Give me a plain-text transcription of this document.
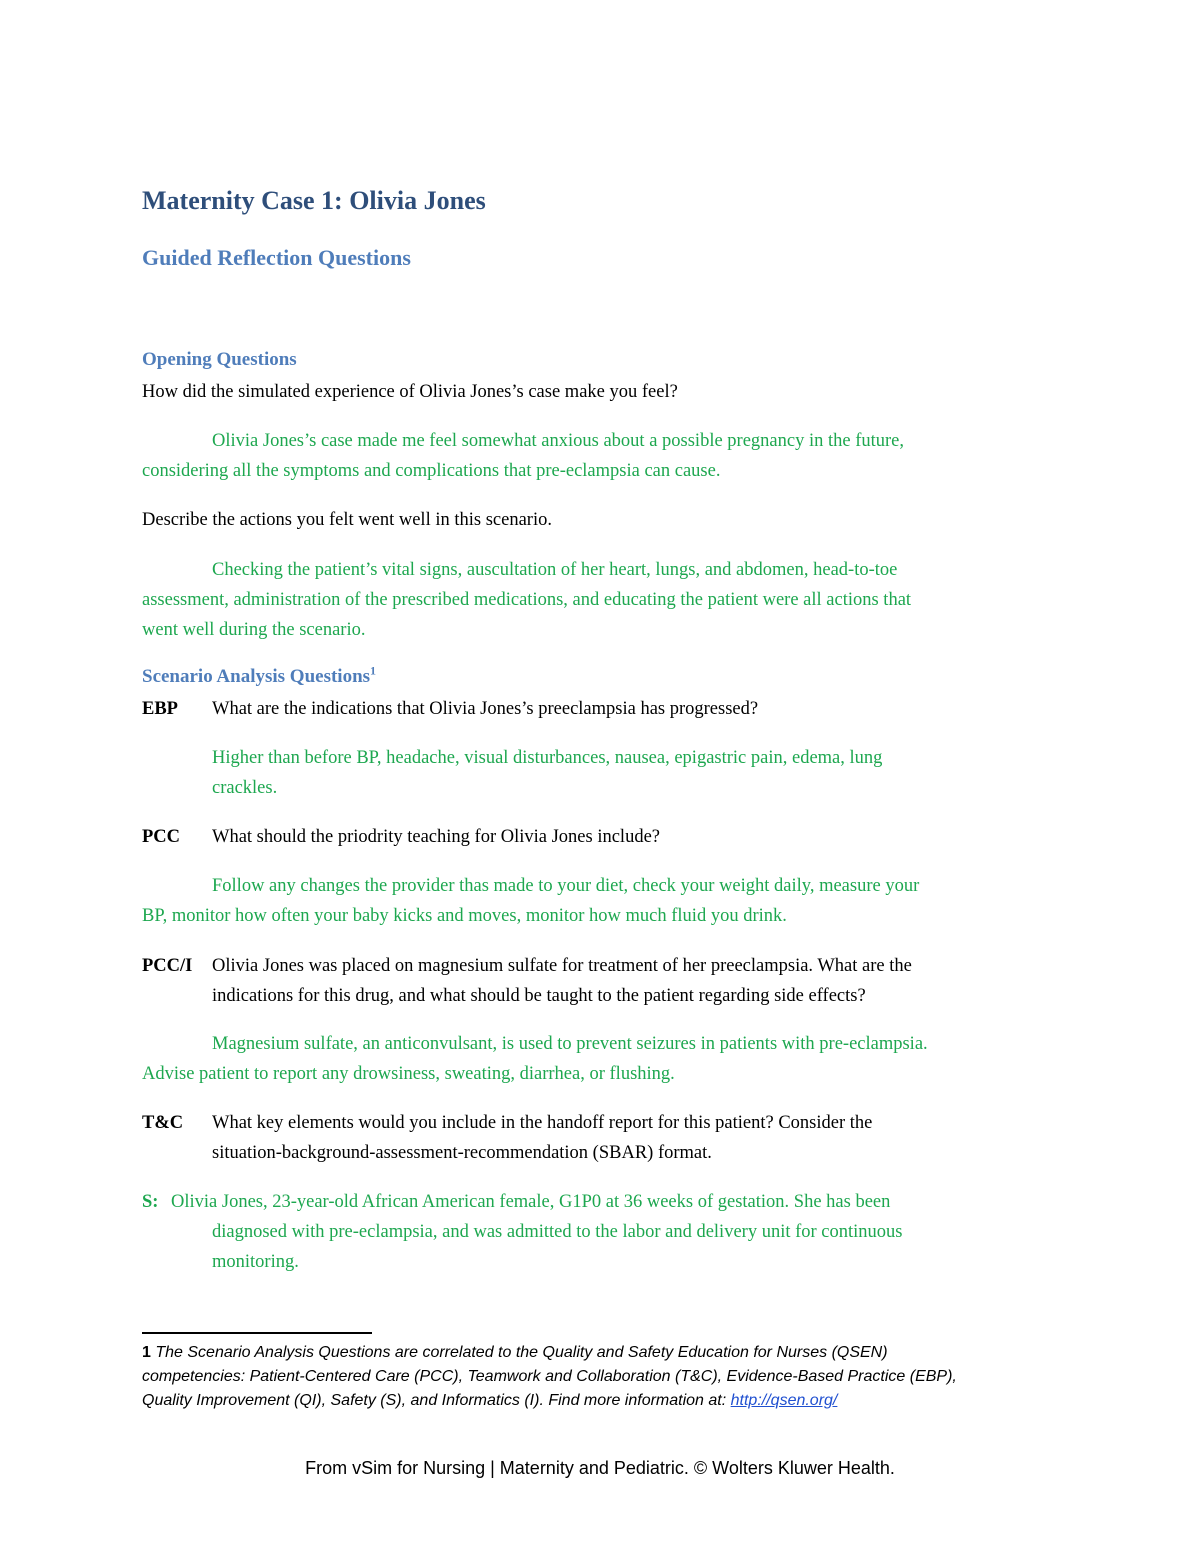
Maternity Case 1: Olivia Jones
Guided Reflection Questions
Opening Questions
How did the simulated experience of Olivia Jones’s case make you feel?
Olivia Jones’s case made me feel somewhat anxious about a possible pregnancy in the future,
considering all the symptoms and complications that pre-eclampsia can cause.
Describe the actions you felt went well in this scenario.
Checking the patient’s vital signs, auscultation of her heart, lungs, and abdomen, head-to-toe
assessment, administration of the prescribed medications, and educating the patient were all actions that
went well during the scenario.
Scenario Analysis Questions$^1$
EBP What are the indications that Olivia Jones’s preeclampsia has progressed?
Higher than before BP, headache, visual disturbances, nausea, epigastric pain, edema, lung
crackles.
PCC What should the priodrity teaching for Olivia Jones include?
Follow any changes the provider thas made to your diet, check your weight daily, measure your
BP, monitor how often your baby kicks and moves, monitor how much fluid you drink.
PCC/I Olivia Jones was placed on magnesium sulfate for treatment of her preeclampsia. What are the
indications for this drug, and what should be taught to the patient regarding side effects?
Magnesium sulfate, an anticonvulsant, is used to prevent seizures in patients with pre-eclampsia.
Advise patient to report any drowsiness, sweating, diarrhea, or flushing.
T&C What key elements would you include in the handoff report for this patient? Consider the
situation-background-assessment-recommendation (SBAR) format.
S: Olivia Jones, 23-year-old African American female, G1P0 at 36 weeks of gestation. She has been
diagnosed with pre-eclampsia, and was admitted to the labor and delivery unit for continuous
monitoring.
1 The Scenario Analysis Questions are correlated to the Quality and Safety Education for Nurses (QSEN)
competencies: Patient-Centered Care (PCC), Teamwork and Collaboration (T&C), Evidence-Based Practice (EBP),
Quality Improvement (QI), Safety (S), and Informatics (I). Find more information at: http://qsen.org/
From vSim for Nursing | Maternity and Pediatric. © Wolters Kluwer Health.
